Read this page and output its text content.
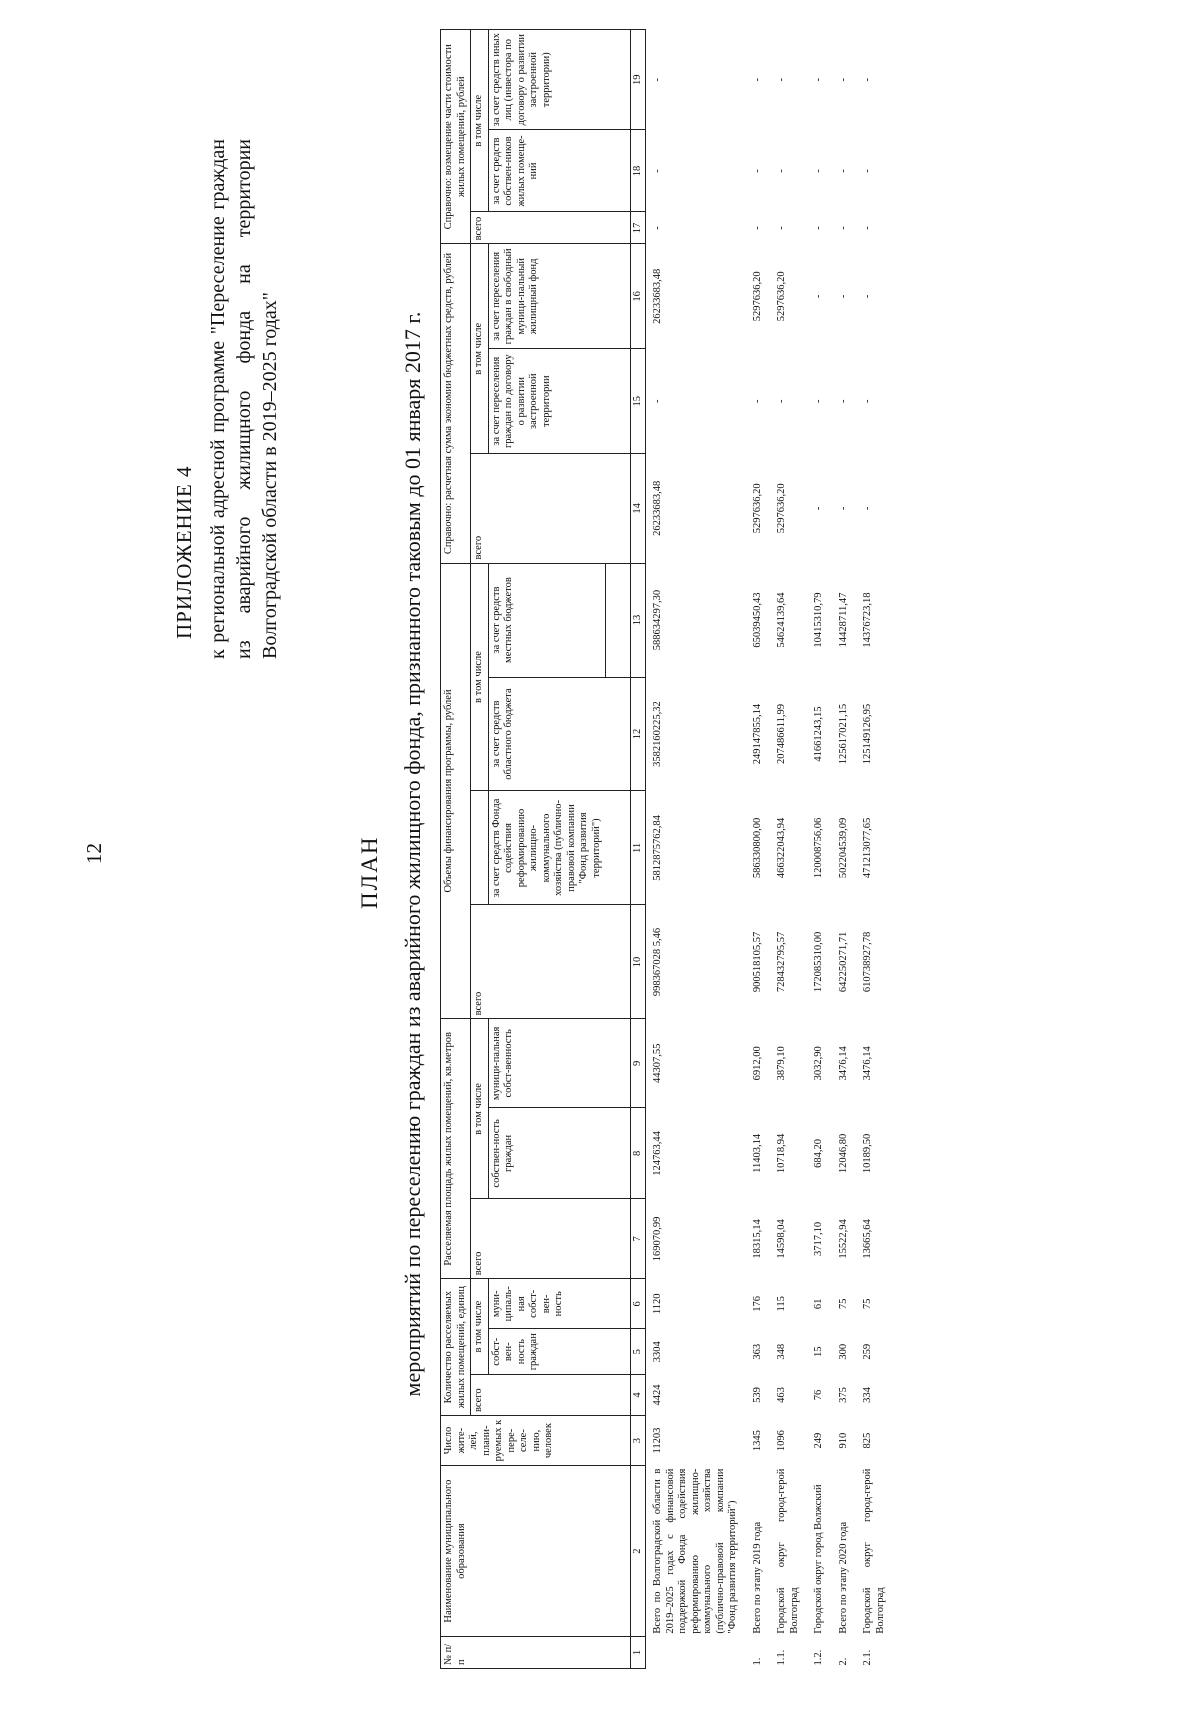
12
ПРИЛОЖЕНИЕ 4 к региональной адресной программе "Переселение граждан из аварийного жилищного фонда на территории Волгоградской области в 2019–2025 годах"
ПЛАН мероприятий по переселению граждан из аварийного жилищного фонда, признанного таковым до 01 января 2017 г.
№ п/п	Наименование муниципального образования	Число жите-лей, плани-руемых к пере-селе-нию, человек	Количество расселяемых жилых помещений, единиц			Расселяемая площадь жилых помещений, кв.метров			Объемы финансирования программы, рублей				Справочно: расчетная сумма экономии бюджетных средств, рублей			Справочно: возмещение части стоимости жилых помещений, рублей		
			всего	в том числе		всего	в том числе		всего		в том числе		всего	в том числе		всего	в том числе	
				собст-вен-ность граждан	муни-ципаль-ная собст-вен-ность		собствен-ность граждан	муници-пальная собст-венность		за счет средств Фонда содействия реформированию жилищно-коммунального хозяйства (публично-правовой компании "Фонд развития территорий")	за счет средств областного бюджета	за счет средств местных бюджетов		за счет переселения граждан по договору о развитии застроенной территории	за счет переселения граждан в свободный муници-пальный жилищный фонд		за счет средств собствен-ников жилых помеще-ний	за счет средств иных лиц (инвестора по договору о развитии застроенной территории)

1	2	3	4	5	6	7	8	9	10	11	12	13	14	15	16	17	18	19
	Всего по Волгоградской области в 2019–2025 годах с финансовой поддержкой Фонда содействия реформированию жилищно-коммунального хозяйства (публично-правовой компании "Фонд развития территорий")	11203	4424	3304	1120	169070,99	124763,44	44307,55	998367028 5,46	5812875762,84	3582160225,32	588634297,30	26233683,48	-	26233683,48	-	-	-
1.	Всего по этапу 2019 года	1345	539	363	176	18315,14	11403,14	6912,00	900518105,57	586330800,00	249147855,14	65039450,43	5297636,20	-	5297636,20	-	-	-
1.1.	Городской округ город-герой Волгоград	1096	463	348	115	14598,04	10718,94	3879,10	728432795,57	466322043,94	207486611,99	54624139,64	5297636,20	-	5297636,20	-	-	-
1.2.	Городской округ город Волжский	249	76	15	61	3717,10	684,20	3032,90	172085310,00	120008756,06	41661243,15	10415310,79	-	-	-	-	-	-
2.	Всего по этапу 2020 года	910	375	300	75	15522,94	12046,80	3476,14	642250271,71	502204539,09	125617021,15	14428711,47	-	-	-	-	-	-
2.1.	Городской округ город-герой Волгоград	825	334	259	75	13665,64	10189,50	3476,14	610738927,78	471213077,65	125149126,95	14376723,18	-	-	-	-	-	-
